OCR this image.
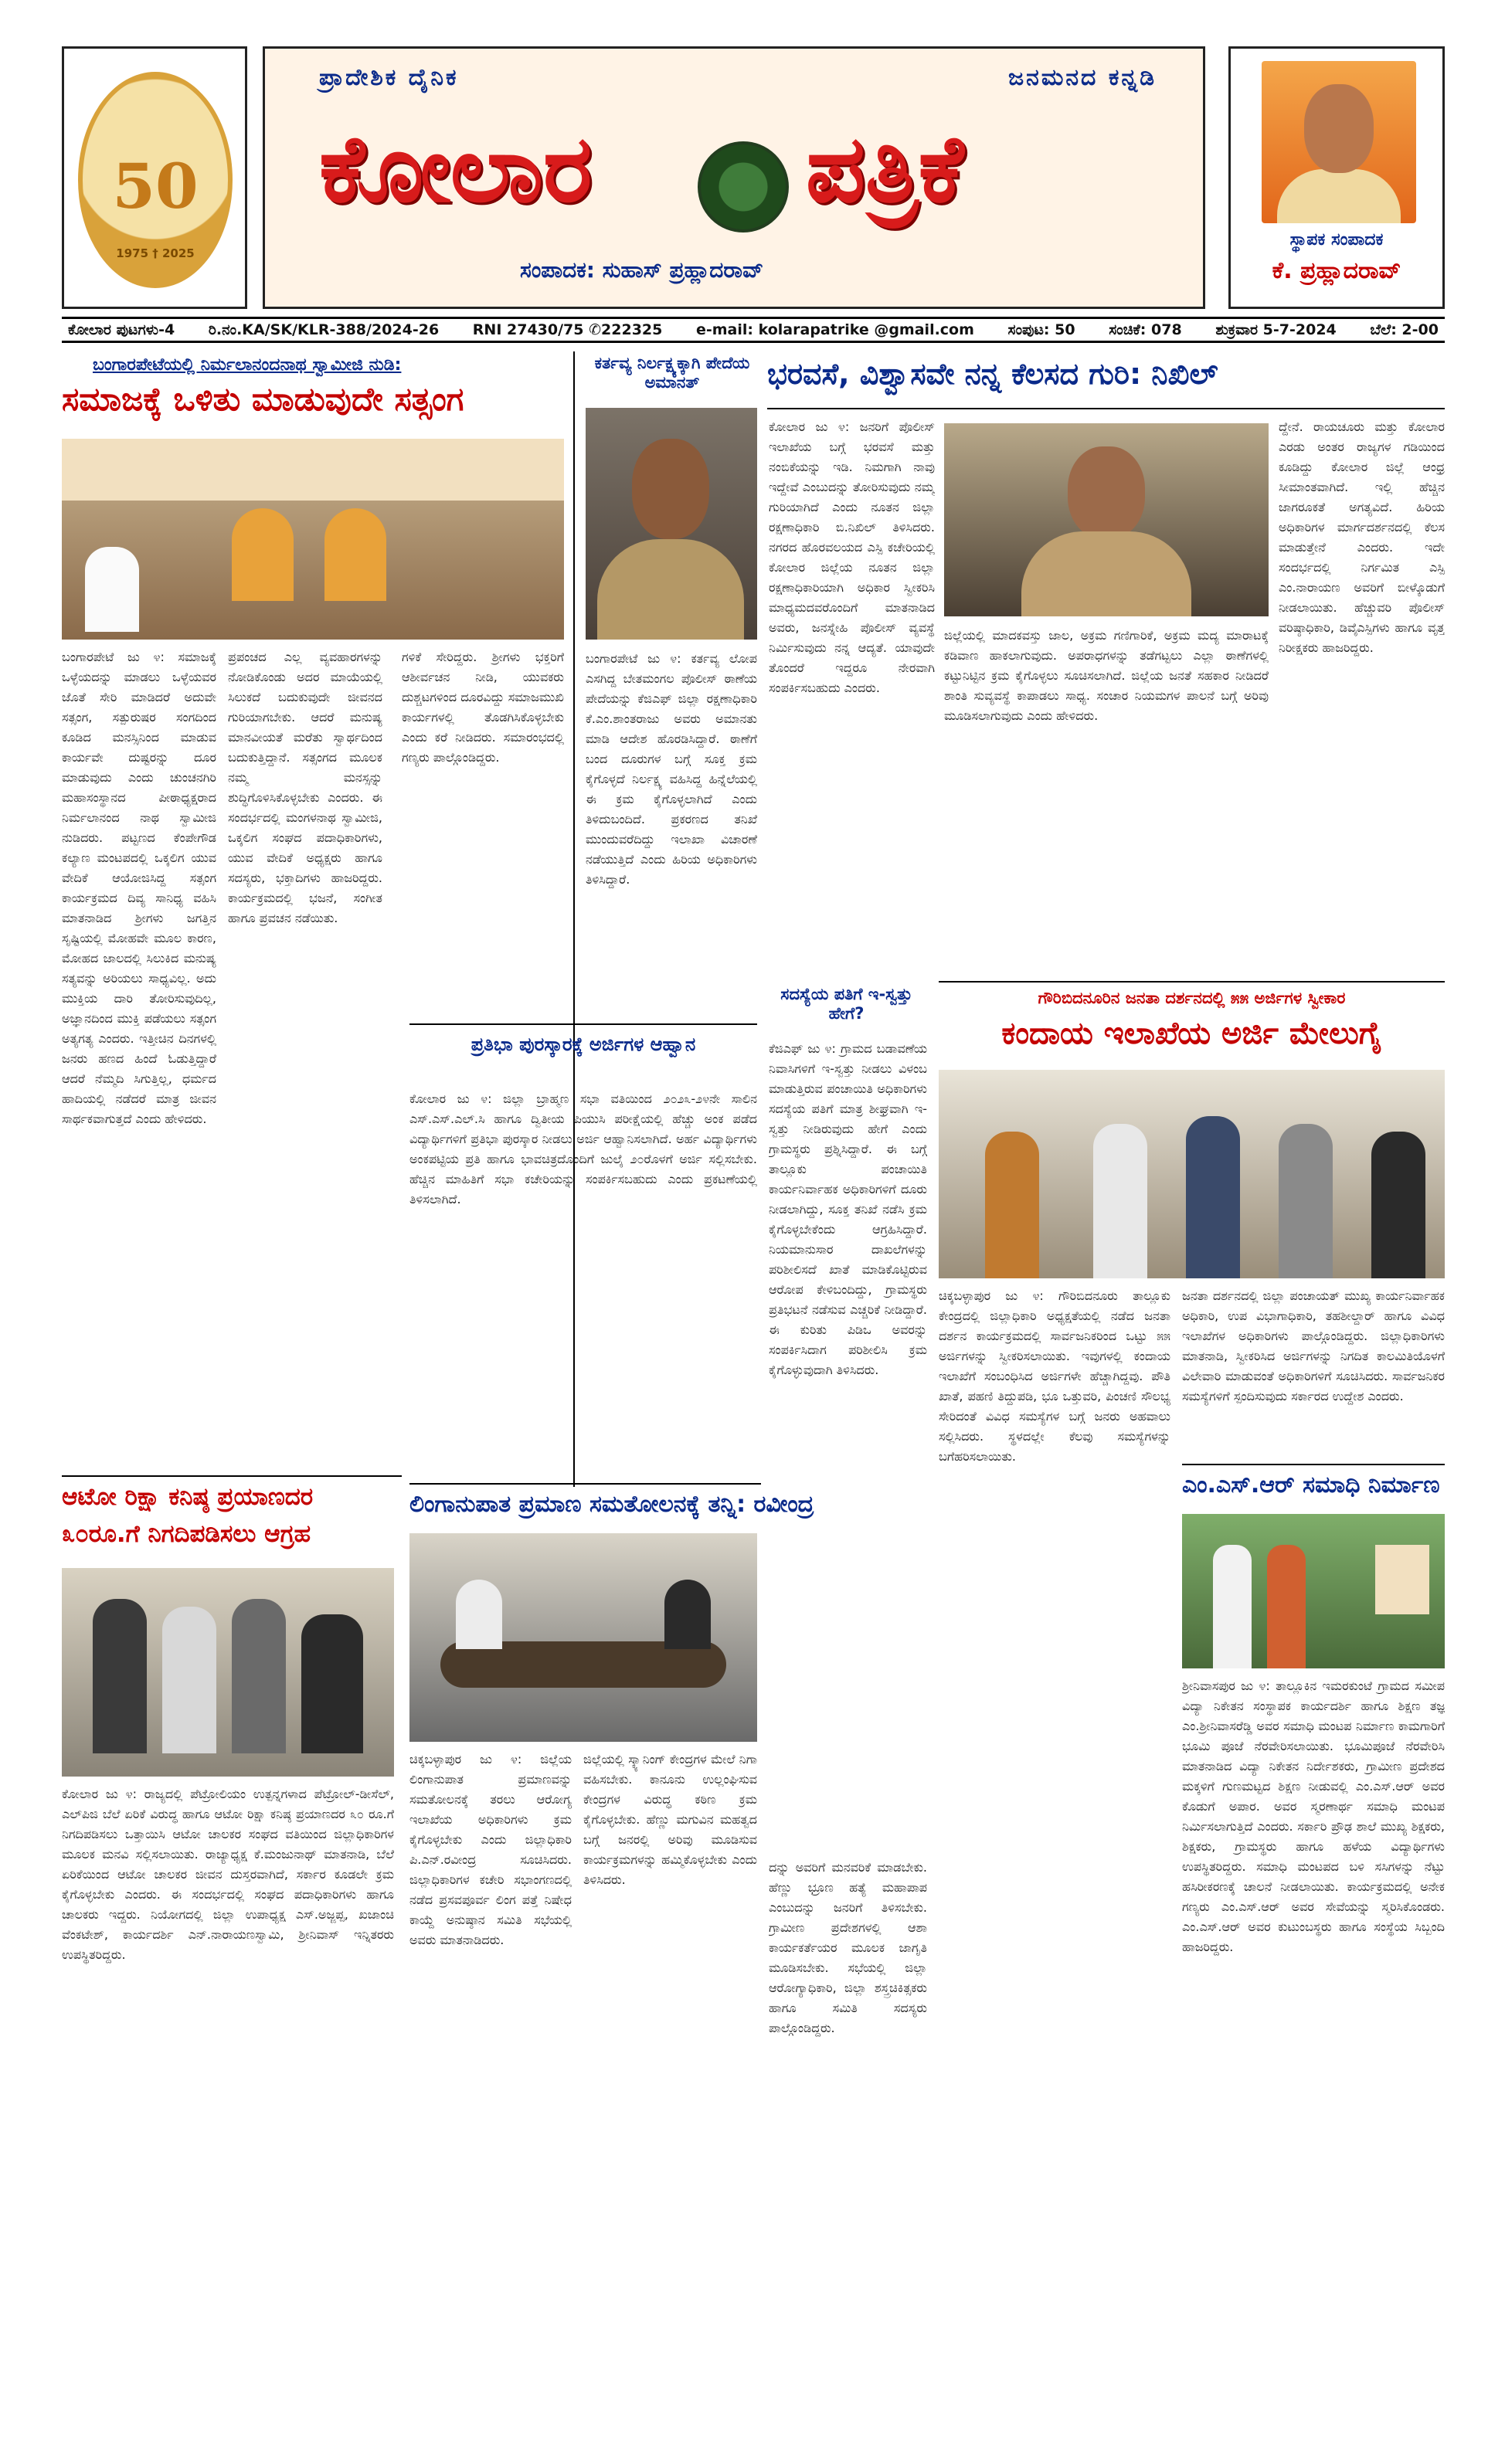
50
1975 † 2025
ಪ್ರಾದೇಶಿಕ ದೈನಿಕ	ಜನಮನದ ಕನ್ನಡಿ
ಕೋಲಾರ ಪತ್ರಿಕೆ
ಸಂಪಾದಕ: ಸುಹಾಸ್ ಪ್ರಹ್ಲಾದರಾವ್
ಸ್ಥಾಪಕ ಸಂಪಾದಕ
ಕೆ. ಪ್ರಹ್ಲಾದರಾವ್
ಕೋಲಾರ ಪುಟಗಳು-4 ರಿ.ನಂ.KA/SK/KLR-388/2024-26 RNI 27430/75 ✆222325 e-mail: kolarapatrike @gmail.com ಸಂಪುಟ: 50 ಸಂಚಿಕೆ: 078 ಶುಕ್ರವಾರ 5-7-2024 ಬೆಲೆ: 2-00
ಬಂಗಾರಪೇಟೆಯಲ್ಲಿ ನಿರ್ಮಲಾನಂದನಾಥ ಸ್ವಾಮೀಜಿ ನುಡಿ:
ಸಮಾಜಕ್ಕೆ ಒಳಿತು ಮಾಡುವುದೇ ಸತ್ಸಂಗ
ಬಂಗಾರಪೇಟೆ ಜು ೪: ಸಮಾಜಕ್ಕೆ ಒಳ್ಳೆಯದನ್ನು ಮಾಡಲು ಒಳ್ಳೆಯವರ ಜೊತೆ ಸೇರಿ ಮಾಡಿದರೆ ಅದುವೇ ಸತ್ಸಂಗ, ಸತ್ಪುರುಷರ ಸಂಗದಿಂದ ಕೂಡಿದ ಮನಸ್ಸಿನಿಂದ ಮಾಡುವ ಕಾರ್ಯವೇ ದುಷ್ಟರನ್ನು ದೂರ ಮಾಡುವುದು ಎಂದು ಚುಂಚನಗಿರಿ ಮಹಾಸಂಸ್ಥಾನದ ಪೀಠಾಧ್ಯಕ್ಷರಾದ ನಿರ್ಮಲಾನಂದ ನಾಥ ಸ್ವಾಮೀಜಿ ನುಡಿದರು. ಪಟ್ಟಣದ ಕೆಂಪೇಗೌಡ ಕಲ್ಯಾಣ ಮಂಟಪದಲ್ಲಿ ಒಕ್ಕಲಿಗ ಯುವ ವೇದಿಕೆ ಆಯೋಜಿಸಿದ್ದ ಸತ್ಸಂಗ ಕಾರ್ಯಕ್ರಮದ ದಿವ್ಯ ಸಾನಿಧ್ಯ ವಹಿಸಿ ಮಾತನಾಡಿದ ಶ್ರೀಗಳು ಜಗತ್ತಿನ ಸೃಷ್ಟಿಯಲ್ಲಿ ಮೋಹವೇ ಮೂಲ ಕಾರಣ, ಮೋಹದ ಜಾಲದಲ್ಲಿ ಸಿಲುಕಿದ ಮನುಷ್ಯ ಸತ್ಯವನ್ನು ಅರಿಯಲು ಸಾಧ್ಯವಿಲ್ಲ. ಅದು ಮುಕ್ತಿಯ ದಾರಿ ತೋರಿಸುವುದಿಲ್ಲ, ಅಜ್ಞಾನದಿಂದ ಮುಕ್ತಿ ಪಡೆಯಲು ಸತ್ಸಂಗ ಅತ್ಯಗತ್ಯ ಎಂದರು. ಇತ್ತೀಚಿನ ದಿನಗಳಲ್ಲಿ ಜನರು ಹಣದ ಹಿಂದೆ ಓಡುತ್ತಿದ್ದಾರೆ ಆದರೆ ನೆಮ್ಮದಿ ಸಿಗುತ್ತಿಲ್ಲ, ಧರ್ಮದ ಹಾದಿಯಲ್ಲಿ ನಡೆದರೆ ಮಾತ್ರ ಜೀವನ ಸಾರ್ಥಕವಾಗುತ್ತದೆ ಎಂದು ಹೇಳಿದರು.
ಪ್ರಪಂಚದ ಎಲ್ಲ ವ್ಯವಹಾರಗಳನ್ನು ನೋಡಿಕೊಂಡು ಅದರ ಮಾಯೆಯಲ್ಲಿ ಸಿಲುಕದೆ ಬದುಕುವುದೇ ಜೀವನದ ಗುರಿಯಾಗಬೇಕು. ಆದರೆ ಮನುಷ್ಯ ಮಾನವೀಯತೆ ಮರೆತು ಸ್ವಾರ್ಥದಿಂದ ಬದುಕುತ್ತಿದ್ದಾನೆ. ಸತ್ಸಂಗದ ಮೂಲಕ ನಮ್ಮ ಮನಸ್ಸನ್ನು ಶುದ್ಧಿಗೊಳಿಸಿಕೊಳ್ಳಬೇಕು ಎಂದರು. ಈ ಸಂದರ್ಭದಲ್ಲಿ ಮಂಗಳನಾಥ ಸ್ವಾಮೀಜಿ, ಒಕ್ಕಲಿಗ ಸಂಘದ ಪದಾಧಿಕಾರಿಗಳು, ಯುವ ವೇದಿಕೆ ಅಧ್ಯಕ್ಷರು ಹಾಗೂ ಸದಸ್ಯರು, ಭಕ್ತಾದಿಗಳು ಹಾಜರಿದ್ದರು. ಕಾರ್ಯಕ್ರಮದಲ್ಲಿ ಭಜನೆ, ಸಂಗೀತ ಹಾಗೂ ಪ್ರವಚನ ನಡೆಯಿತು.
ಗಳಿಕೆ ಸೇರಿದ್ದರು. ಶ್ರೀಗಳು ಭಕ್ತರಿಗೆ ಆಶೀರ್ವಚನ ನೀಡಿ, ಯುವಕರು ದುಶ್ಚಟಗಳಿಂದ ದೂರವಿದ್ದು ಸಮಾಜಮುಖಿ ಕಾರ್ಯಗಳಲ್ಲಿ ತೊಡಗಿಸಿಕೊಳ್ಳಬೇಕು ಎಂದು ಕರೆ ನೀಡಿದರು. ಸಮಾರಂಭದಲ್ಲಿ ಗಣ್ಯರು ಪಾಲ್ಗೊಂಡಿದ್ದರು.
ಕರ್ತವ್ಯ ನಿರ್ಲಕ್ಷ್ಯಕ್ಕಾಗಿ ಪೇದೆಯ ಅಮಾನತ್
ಬಂಗಾರಪೇಟೆ ಜು ೪: ಕರ್ತವ್ಯ ಲೋಪ ಎಸಗಿದ್ದ ಬೇತಮಂಗಲ ಪೊಲೀಸ್ ಠಾಣೆಯ ಪೇದೆಯನ್ನು ಕೆಜಿಎಫ್ ಜಿಲ್ಲಾ ರಕ್ಷಣಾಧಿಕಾರಿ ಕೆ.ಎಂ.ಶಾಂತರಾಜು ಅವರು ಅಮಾನತು ಮಾಡಿ ಆದೇಶ ಹೊರಡಿಸಿದ್ದಾರೆ. ಠಾಣೆಗೆ ಬಂದ ದೂರುಗಳ ಬಗ್ಗೆ ಸೂಕ್ತ ಕ್ರಮ ಕೈಗೊಳ್ಳದೆ ನಿರ್ಲಕ್ಷ್ಯ ವಹಿಸಿದ್ದ ಹಿನ್ನೆಲೆಯಲ್ಲಿ ಈ ಕ್ರಮ ಕೈಗೊಳ್ಳಲಾಗಿದೆ ಎಂದು ತಿಳಿದುಬಂದಿದೆ. ಪ್ರಕರಣದ ತನಿಖೆ ಮುಂದುವರೆದಿದ್ದು ಇಲಾಖಾ ವಿಚಾರಣೆ ನಡೆಯುತ್ತಿದೆ ಎಂದು ಹಿರಿಯ ಅಧಿಕಾರಿಗಳು ತಿಳಿಸಿದ್ದಾರೆ.
ಪ್ರತಿಭಾ ಪುರಸ್ಕಾರಕ್ಕೆ ಅರ್ಜಿಗಳ ಆಹ್ವಾನ
ಕೋಲಾರ ಜು ೪: ಜಿಲ್ಲಾ ಬ್ರಾಹ್ಮಣ ಸಭಾ ವತಿಯಿಂದ ೨೦೨೩-೨೪ನೇ ಸಾಲಿನ ಎಸ್.ಎಸ್.ಎಲ್.ಸಿ ಹಾಗೂ ದ್ವಿತೀಯ ಪಿಯುಸಿ ಪರೀಕ್ಷೆಯಲ್ಲಿ ಹೆಚ್ಚು ಅಂಕ ಪಡೆದ ವಿದ್ಯಾರ್ಥಿಗಳಿಗೆ ಪ್ರತಿಭಾ ಪುರಸ್ಕಾರ ನೀಡಲು ಅರ್ಜಿ ಆಹ್ವಾನಿಸಲಾಗಿದೆ. ಅರ್ಹ ವಿದ್ಯಾರ್ಥಿಗಳು ಅಂಕಪಟ್ಟಿಯ ಪ್ರತಿ ಹಾಗೂ ಭಾವಚಿತ್ರದೊಂದಿಗೆ ಜುಲೈ ೨೦ರೊಳಗೆ ಅರ್ಜಿ ಸಲ್ಲಿಸಬೇಕು. ಹೆಚ್ಚಿನ ಮಾಹಿತಿಗೆ ಸಭಾ ಕಚೇರಿಯನ್ನು ಸಂಪರ್ಕಿಸಬಹುದು ಎಂದು ಪ್ರಕಟಣೆಯಲ್ಲಿ ತಿಳಿಸಲಾಗಿದೆ.
ಆಟೋ ರಿಕ್ಷಾ ಕನಿಷ್ಠ ಪ್ರಯಾಣದರ
೩೦ರೂ.ಗೆ ನಿಗದಿಪಡಿಸಲು ಆಗ್ರಹ
ಕೋಲಾರ ಜು ೪: ರಾಜ್ಯದಲ್ಲಿ ಪೆಟ್ರೋಲಿಯಂ ಉತ್ಪನ್ನಗಳಾದ ಪೆಟ್ರೋಲ್-ಡೀಸೆಲ್, ಎಲ್‌ಪಿಜಿ ಬೆಲೆ ಏರಿಕೆ ವಿರುದ್ಧ ಹಾಗೂ ಆಟೋ ರಿಕ್ಷಾ ಕನಿಷ್ಠ ಪ್ರಯಾಣದರ ೩೦ ರೂ.ಗೆ ನಿಗದಿಪಡಿಸಲು ಒತ್ತಾಯಿಸಿ ಆಟೋ ಚಾಲಕರ ಸಂಘದ ವತಿಯಿಂದ ಜಿಲ್ಲಾಧಿಕಾರಿಗಳ ಮೂಲಕ ಮನವಿ ಸಲ್ಲಿಸಲಾಯಿತು. ರಾಜ್ಯಾಧ್ಯಕ್ಷ ಕೆ.ಮಂಜುನಾಥ್ ಮಾತನಾಡಿ, ಬೆಲೆ ಏರಿಕೆಯಿಂದ ಆಟೋ ಚಾಲಕರ ಜೀವನ ದುಸ್ತರವಾಗಿದೆ, ಸರ್ಕಾರ ಕೂಡಲೇ ಕ್ರಮ ಕೈಗೊಳ್ಳಬೇಕು ಎಂದರು. ಈ ಸಂದರ್ಭದಲ್ಲಿ ಸಂಘದ ಪದಾಧಿಕಾರಿಗಳು ಹಾಗೂ ಚಾಲಕರು ಇದ್ದರು. ನಿಯೋಗದಲ್ಲಿ ಜಿಲ್ಲಾ ಉಪಾಧ್ಯಕ್ಷ ಎಸ್.ಅಜ್ಜಪ್ಪ, ಖಜಾಂಚಿ ವೆಂಕಟೇಶ್, ಕಾರ್ಯದರ್ಶಿ ಎನ್.ನಾರಾಯಣಸ್ವಾಮಿ, ಶ್ರೀನಿವಾಸ್ ಇನ್ನಿತರರು ಉಪಸ್ಥಿತರಿದ್ದರು.
ಭರವಸೆ, ವಿಶ್ವಾಸವೇ ನನ್ನ ಕೆಲಸದ ಗುರಿ: ನಿಖಿಲ್
ಕೋಲಾರ ಜು ೪: ಜನರಿಗೆ ಪೊಲೀಸ್ ಇಲಾಖೆಯ ಬಗ್ಗೆ ಭರವಸೆ ಮತ್ತು ನಂಬಿಕೆಯನ್ನು ಇಡಿ. ನಿಮಗಾಗಿ ನಾವು ಇದ್ದೇವೆ ಎಂಬುದನ್ನು ತೋರಿಸುವುದು ನಮ್ಮ ಗುರಿಯಾಗಿದೆ ಎಂದು ನೂತನ ಜಿಲ್ಲಾ ರಕ್ಷಣಾಧಿಕಾರಿ ಬಿ.ನಿಖಿಲ್ ತಿಳಿಸಿದರು. ನಗರದ ಹೊರವಲಯದ ಎಸ್ಪಿ ಕಚೇರಿಯಲ್ಲಿ ಕೋಲಾರ ಜಿಲ್ಲೆಯ ನೂತನ ಜಿಲ್ಲಾ ರಕ್ಷಣಾಧಿಕಾರಿಯಾಗಿ ಅಧಿಕಾರ ಸ್ವೀಕರಿಸಿ ಮಾಧ್ಯಮದವರೊಂದಿಗೆ ಮಾತನಾಡಿದ ಅವರು, ಜನಸ್ನೇಹಿ ಪೊಲೀಸ್ ವ್ಯವಸ್ಥೆ ನಿರ್ಮಿಸುವುದು ನನ್ನ ಆದ್ಯತೆ. ಯಾವುದೇ ತೊಂದರೆ ಇದ್ದರೂ ನೇರವಾಗಿ ಸಂಪರ್ಕಿಸಬಹುದು ಎಂದರು.
ಜಿಲ್ಲೆಯಲ್ಲಿ ಮಾದಕವಸ್ತು ಜಾಲ, ಅಕ್ರಮ ಗಣಿಗಾರಿಕೆ, ಅಕ್ರಮ ಮದ್ಯ ಮಾರಾಟಕ್ಕೆ ಕಡಿವಾಣ ಹಾಕಲಾಗುವುದು. ಅಪರಾಧಗಳನ್ನು ತಡೆಗಟ್ಟಲು ಎಲ್ಲಾ ಠಾಣೆಗಳಲ್ಲಿ ಕಟ್ಟುನಿಟ್ಟಿನ ಕ್ರಮ ಕೈಗೊಳ್ಳಲು ಸೂಚಿಸಲಾಗಿದೆ. ಜಿಲ್ಲೆಯ ಜನತೆ ಸಹಕಾರ ನೀಡಿದರೆ ಶಾಂತಿ ಸುವ್ಯವಸ್ಥೆ ಕಾಪಾಡಲು ಸಾಧ್ಯ. ಸಂಚಾರ ನಿಯಮಗಳ ಪಾಲನೆ ಬಗ್ಗೆ ಅರಿವು ಮೂಡಿಸಲಾಗುವುದು ಎಂದು ಹೇಳಿದರು.
ದ್ದೇನೆ. ರಾಯಚೂರು ಮತ್ತು ಕೋಲಾರ ಎರಡು ಅಂತರ ರಾಜ್ಯಗಳ ಗಡಿಯಿಂದ ಕೂಡಿದ್ದು ಕೋಲಾರ ಜಿಲ್ಲೆ ಆಂಧ್ರ ಸೀಮಾಂತವಾಗಿದೆ. ಇಲ್ಲಿ ಹೆಚ್ಚಿನ ಜಾಗರೂಕತೆ ಅಗತ್ಯವಿದೆ. ಹಿರಿಯ ಅಧಿಕಾರಿಗಳ ಮಾರ್ಗದರ್ಶನದಲ್ಲಿ ಕೆಲಸ ಮಾಡುತ್ತೇನೆ ಎಂದರು. ಇದೇ ಸಂದರ್ಭದಲ್ಲಿ ನಿರ್ಗಮಿತ ಎಸ್ಪಿ ಎಂ.ನಾರಾಯಣ ಅವರಿಗೆ ಬೀಳ್ಕೊಡುಗೆ ನೀಡಲಾಯಿತು. ಹೆಚ್ಚುವರಿ ಪೊಲೀಸ್ ವರಿಷ್ಠಾಧಿಕಾರಿ, ಡಿವೈಎಸ್ಪಿಗಳು ಹಾಗೂ ವೃತ್ತ ನಿರೀಕ್ಷಕರು ಹಾಜರಿದ್ದರು.
ಸದಸ್ಯೆಯ ಪತಿಗೆ ಇ-ಸ್ವತ್ತು ಹೇಗೆ?
ಕೆಜಿಎಫ್ ಜು ೪: ಗ್ರಾಮದ ಬಡಾವಣೆಯ ನಿವಾಸಿಗಳಿಗೆ ಇ-ಸ್ವತ್ತು ನೀಡಲು ವಿಳಂಬ ಮಾಡುತ್ತಿರುವ ಪಂಚಾಯಿತಿ ಅಧಿಕಾರಿಗಳು ಸದಸ್ಯೆಯ ಪತಿಗೆ ಮಾತ್ರ ಶೀಘ್ರವಾಗಿ ಇ-ಸ್ವತ್ತು ನೀಡಿರುವುದು ಹೇಗೆ ಎಂದು ಗ್ರಾಮಸ್ಥರು ಪ್ರಶ್ನಿಸಿದ್ದಾರೆ. ಈ ಬಗ್ಗೆ ತಾಲ್ಲೂಕು ಪಂಚಾಯಿತಿ ಕಾರ್ಯನಿರ್ವಾಹಕ ಅಧಿಕಾರಿಗಳಿಗೆ ದೂರು ನೀಡಲಾಗಿದ್ದು, ಸೂಕ್ತ ತನಿಖೆ ನಡೆಸಿ ಕ್ರಮ ಕೈಗೊಳ್ಳಬೇಕೆಂದು ಆಗ್ರಹಿಸಿದ್ದಾರೆ. ನಿಯಮಾನುಸಾರ ದಾಖಲೆಗಳನ್ನು ಪರಿಶೀಲಿಸದೆ ಖಾತೆ ಮಾಡಿಕೊಟ್ಟಿರುವ ಆರೋಪ ಕೇಳಿಬಂದಿದ್ದು, ಗ್ರಾಮಸ್ಥರು ಪ್ರತಿಭಟನೆ ನಡೆಸುವ ಎಚ್ಚರಿಕೆ ನೀಡಿದ್ದಾರೆ. ಈ ಕುರಿತು ಪಿಡಿಒ ಅವರನ್ನು ಸಂಪರ್ಕಿಸಿದಾಗ ಪರಿಶೀಲಿಸಿ ಕ್ರಮ ಕೈಗೊಳ್ಳುವುದಾಗಿ ತಿಳಿಸಿದರು.
ಗೌರಿಬಿದನೂರಿನ ಜನತಾ ದರ್ಶನದಲ್ಲಿ ೫೫ ಅರ್ಜಿಗಳ ಸ್ವೀಕಾರ
ಕಂದಾಯ ಇಲಾಖೆಯ ಅರ್ಜಿ ಮೇಲುಗೈ
ಚಿಕ್ಕಬಳ್ಳಾಪುರ ಜು ೪: ಗೌರಿಬಿದನೂರು ತಾಲ್ಲೂಕು ಕೇಂದ್ರದಲ್ಲಿ ಜಿಲ್ಲಾಧಿಕಾರಿ ಅಧ್ಯಕ್ಷತೆಯಲ್ಲಿ ನಡೆದ ಜನತಾ ದರ್ಶನ ಕಾರ್ಯಕ್ರಮದಲ್ಲಿ ಸಾರ್ವಜನಿಕರಿಂದ ಒಟ್ಟು ೫೫ ಅರ್ಜಿಗಳನ್ನು ಸ್ವೀಕರಿಸಲಾಯಿತು. ಇವುಗಳಲ್ಲಿ ಕಂದಾಯ ಇಲಾಖೆಗೆ ಸಂಬಂಧಿಸಿದ ಅರ್ಜಿಗಳೇ ಹೆಚ್ಚಾಗಿದ್ದವು. ಪೌತಿ ಖಾತೆ, ಪಹಣಿ ತಿದ್ದುಪಡಿ, ಭೂ ಒತ್ತುವರಿ, ಪಿಂಚಣಿ ಸೌಲಭ್ಯ ಸೇರಿದಂತೆ ವಿವಿಧ ಸಮಸ್ಯೆಗಳ ಬಗ್ಗೆ ಜನರು ಅಹವಾಲು ಸಲ್ಲಿಸಿದರು. ಸ್ಥಳದಲ್ಲೇ ಕೆಲವು ಸಮಸ್ಯೆಗಳನ್ನು ಬಗೆಹರಿಸಲಾಯಿತು.
ಜನತಾ ದರ್ಶನದಲ್ಲಿ ಜಿಲ್ಲಾ ಪಂಚಾಯತ್ ಮುಖ್ಯ ಕಾರ್ಯನಿರ್ವಾಹಕ ಅಧಿಕಾರಿ, ಉಪ ವಿಭಾಗಾಧಿಕಾರಿ, ತಹಶೀಲ್ದಾರ್ ಹಾಗೂ ವಿವಿಧ ಇಲಾಖೆಗಳ ಅಧಿಕಾರಿಗಳು ಪಾಲ್ಗೊಂಡಿದ್ದರು. ಜಿಲ್ಲಾಧಿಕಾರಿಗಳು ಮಾತನಾಡಿ, ಸ್ವೀಕರಿಸಿದ ಅರ್ಜಿಗಳನ್ನು ನಿಗದಿತ ಕಾಲಮಿತಿಯೊಳಗೆ ವಿಲೇವಾರಿ ಮಾಡುವಂತೆ ಅಧಿಕಾರಿಗಳಿಗೆ ಸೂಚಿಸಿದರು. ಸಾರ್ವಜನಿಕರ ಸಮಸ್ಯೆಗಳಿಗೆ ಸ್ಪಂದಿಸುವುದು ಸರ್ಕಾರದ ಉದ್ದೇಶ ಎಂದರು.
ಎಂ.ಎಸ್.ಆರ್ ಸಮಾಧಿ ನಿರ್ಮಾಣ
ಶ್ರೀನಿವಾಸಪುರ ಜು ೪: ತಾಲ್ಲೂಕಿನ ಇಮರಕುಂಟೆ ಗ್ರಾಮದ ಸಮೀಪ ವಿದ್ಯಾ ನಿಕೇತನ ಸಂಸ್ಥಾಪಕ ಕಾರ್ಯದರ್ಶಿ ಹಾಗೂ ಶಿಕ್ಷಣ ತಜ್ಞ ಎಂ.ಶ್ರೀನಿವಾಸರೆಡ್ಡಿ ಅವರ ಸಮಾಧಿ ಮಂಟಪ ನಿರ್ಮಾಣ ಕಾಮಗಾರಿಗೆ ಭೂಮಿ ಪೂಜೆ ನೆರವೇರಿಸಲಾಯಿತು. ಭೂಮಿಪೂಜೆ ನೆರವೇರಿಸಿ ಮಾತನಾಡಿದ ವಿದ್ಯಾ ನಿಕೇತನ ನಿರ್ದೇಶಕರು, ಗ್ರಾಮೀಣ ಪ್ರದೇಶದ ಮಕ್ಕಳಿಗೆ ಗುಣಮಟ್ಟದ ಶಿಕ್ಷಣ ನೀಡುವಲ್ಲಿ ಎಂ.ಎಸ್.ಆರ್ ಅವರ ಕೊಡುಗೆ ಅಪಾರ. ಅವರ ಸ್ಮರಣಾರ್ಥ ಸಮಾಧಿ ಮಂಟಪ ನಿರ್ಮಿಸಲಾಗುತ್ತಿದೆ ಎಂದರು. ಸರ್ಕಾರಿ ಪ್ರೌಢ ಶಾಲೆ ಮುಖ್ಯ ಶಿಕ್ಷಕರು, ಶಿಕ್ಷಕರು, ಗ್ರಾಮಸ್ಥರು ಹಾಗೂ ಹಳೆಯ ವಿದ್ಯಾರ್ಥಿಗಳು ಉಪಸ್ಥಿತರಿದ್ದರು. ಸಮಾಧಿ ಮಂಟಪದ ಬಳಿ ಸಸಿಗಳನ್ನು ನೆಟ್ಟು ಹಸಿರೀಕರಣಕ್ಕೆ ಚಾಲನೆ ನೀಡಲಾಯಿತು. ಕಾರ್ಯಕ್ರಮದಲ್ಲಿ ಅನೇಕ ಗಣ್ಯರು ಎಂ.ಎಸ್.ಆರ್ ಅವರ ಸೇವೆಯನ್ನು ಸ್ಮರಿಸಿಕೊಂಡರು. ಎಂ.ಎಸ್.ಆರ್ ಅವರ ಕುಟುಂಬಸ್ಥರು ಹಾಗೂ ಸಂಸ್ಥೆಯ ಸಿಬ್ಬಂದಿ ಹಾಜರಿದ್ದರು.
ಲಿಂಗಾನುಪಾತ ಪ್ರಮಾಣ ಸಮತೋಲನಕ್ಕೆ ತನ್ನಿ: ರವೀಂದ್ರ
ಚಿಕ್ಕಬಳ್ಳಾಪುರ ಜು ೪: ಜಿಲ್ಲೆಯ ಲಿಂಗಾನುಪಾತ ಪ್ರಮಾಣವನ್ನು ಸಮತೋಲನಕ್ಕೆ ತರಲು ಆರೋಗ್ಯ ಇಲಾಖೆಯ ಅಧಿಕಾರಿಗಳು ಕ್ರಮ ಕೈಗೊಳ್ಳಬೇಕು ಎಂದು ಜಿಲ್ಲಾಧಿಕಾರಿ ಪಿ.ಎನ್.ರವೀಂದ್ರ ಸೂಚಿಸಿದರು. ಜಿಲ್ಲಾಧಿಕಾರಿಗಳ ಕಚೇರಿ ಸಭಾಂಗಣದಲ್ಲಿ ನಡೆದ ಪ್ರಸವಪೂರ್ವ ಲಿಂಗ ಪತ್ತೆ ನಿಷೇಧ ಕಾಯ್ದೆ ಅನುಷ್ಠಾನ ಸಮಿತಿ ಸಭೆಯಲ್ಲಿ ಅವರು ಮಾತನಾಡಿದರು.
ಜಿಲ್ಲೆಯಲ್ಲಿ ಸ್ಕ್ಯಾನಿಂಗ್ ಕೇಂದ್ರಗಳ ಮೇಲೆ ನಿಗಾ ವಹಿಸಬೇಕು. ಕಾನೂನು ಉಲ್ಲಂಘಿಸುವ ಕೇಂದ್ರಗಳ ವಿರುದ್ಧ ಕಠಿಣ ಕ್ರಮ ಕೈಗೊಳ್ಳಬೇಕು. ಹೆಣ್ಣು ಮಗುವಿನ ಮಹತ್ವದ ಬಗ್ಗೆ ಜನರಲ್ಲಿ ಅರಿವು ಮೂಡಿಸುವ ಕಾರ್ಯಕ್ರಮಗಳನ್ನು ಹಮ್ಮಿಕೊಳ್ಳಬೇಕು ಎಂದು ತಿಳಿಸಿದರು.
ದನ್ನು ಅವರಿಗೆ ಮನವರಿಕೆ ಮಾಡಬೇಕು. ಹೆಣ್ಣು ಭ್ರೂಣ ಹತ್ಯೆ ಮಹಾಪಾಪ ಎಂಬುದನ್ನು ಜನರಿಗೆ ತಿಳಿಸಬೇಕು. ಗ್ರಾಮೀಣ ಪ್ರದೇಶಗಳಲ್ಲಿ ಆಶಾ ಕಾರ್ಯಕರ್ತೆಯರ ಮೂಲಕ ಜಾಗೃತಿ ಮೂಡಿಸಬೇಕು. ಸಭೆಯಲ್ಲಿ ಜಿಲ್ಲಾ ಆರೋಗ್ಯಾಧಿಕಾರಿ, ಜಿಲ್ಲಾ ಶಸ್ತ್ರಚಿಕಿತ್ಸಕರು ಹಾಗೂ ಸಮಿತಿ ಸದಸ್ಯರು ಪಾಲ್ಗೊಂಡಿದ್ದರು.
